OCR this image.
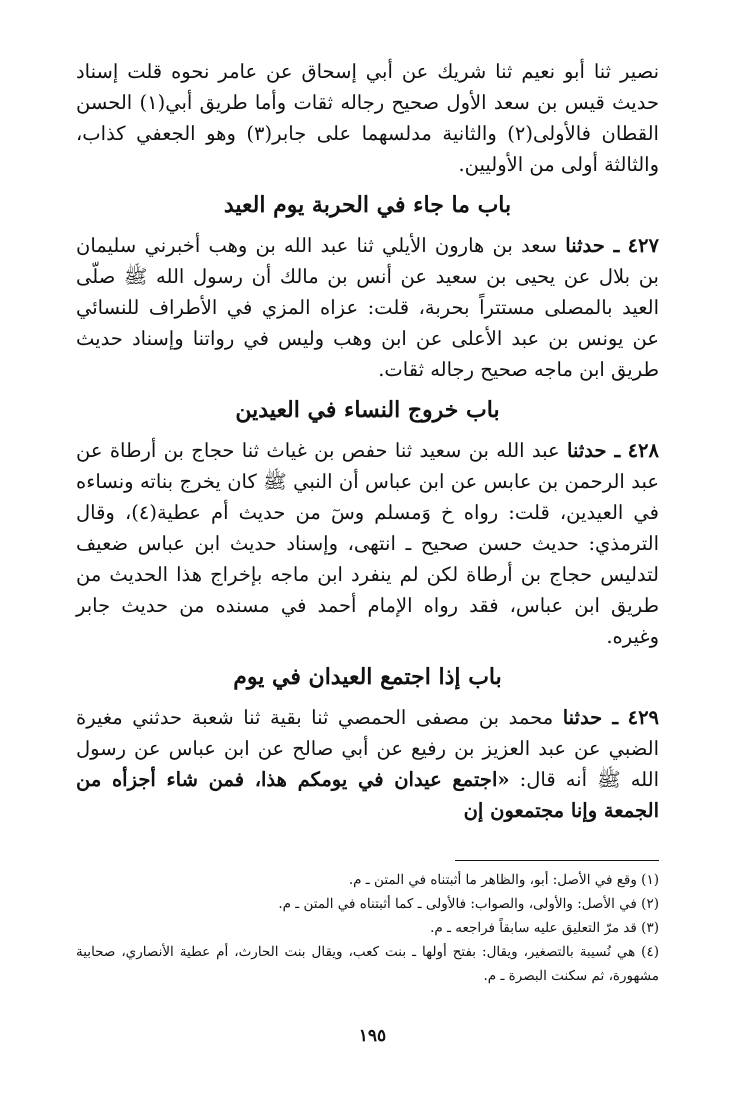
نصير ثنا أبو نعيم ثنا شريك عن أبي إسحاق عن عامر نحوه قلت إسناد حديث قيس بن سعد الأول صحيح رجاله ثقات وأما طريق أبي(١) الحسن القطان فالأولى(٢) والثانية مدلسهما على جابر(٣) وهو الجعفي كذاب، والثالثة أولى من الأوليين.

باب ما جاء في الحربة يوم العيد

٤٢٧ ـ حدثنا سعد بن هارون الأيلي ثنا عبد الله بن وهب أخبرني سليمان بن بلال عن يحيى بن سعيد عن أنس بن مالك أن رسول الله ﷺ صلّى العيد بالمصلى مستتراً بحربة، قلت: عزاه المزي في الأطراف للنسائي عن يونس بن عبد الأعلى عن ابن وهب وليس في رواتنا وإسناد حديث طريق ابن ماجه صحيح رجاله ثقات.

باب خروج النساء في العيدين

٤٢٨ ـ حدثنا عبد الله بن سعيد ثنا حفص بن غياث ثنا حجاج بن أرطاة عن عبد الرحمن بن عابس عن ابن عباس أن النبي ﷺ كان يخرج بناته ونساءه في العيدين، قلت: رواه خ وَمسلم وسٓ من حديث أم عطية(٤)، وقال الترمذي: حديث حسن صحيح ـ انتهى، وإسناد حديث ابن عباس ضعيف لتدليس حجاج بن أرطاة لكن لم ينفرد ابن ماجه بإخراج هذا الحديث من طريق ابن عباس، فقد رواه الإمام أحمد في مسنده من حديث جابر وغيره.

باب إذا اجتمع العيدان في يوم

٤٢٩ ـ حدثنا محمد بن مصفى الحمصي ثنا بقية ثنا شعبة حدثني مغيرة الضبي عن عبد العزيز بن رفيع عن أبي صالح عن ابن عباس عن رسول الله ﷺ أنه قال: «اجتمع عيدان في يومكم هذا، فمن شاء أجزأه من الجمعة وإنا مجتمعون إن

(١) وقع في الأصل: أبو، والظاهر ما أثبتناه في المتن ـ م.

(٢) في الأصل: والأولى، والصواب: فالأولى ـ كما أثبتناه في المتن ـ م.

(٣) قد مرّ التعليق عليه سابقاً فراجعه ـ م.

(٤) هي نُسيبة بالتصغير، ويقال: بفتح أولها ـ بنت كعب، ويقال بنت الحارث، أم عطية الأنصاري، صحابية مشهورة، ثم سكنت البصرة ـ م.

١٩٥
